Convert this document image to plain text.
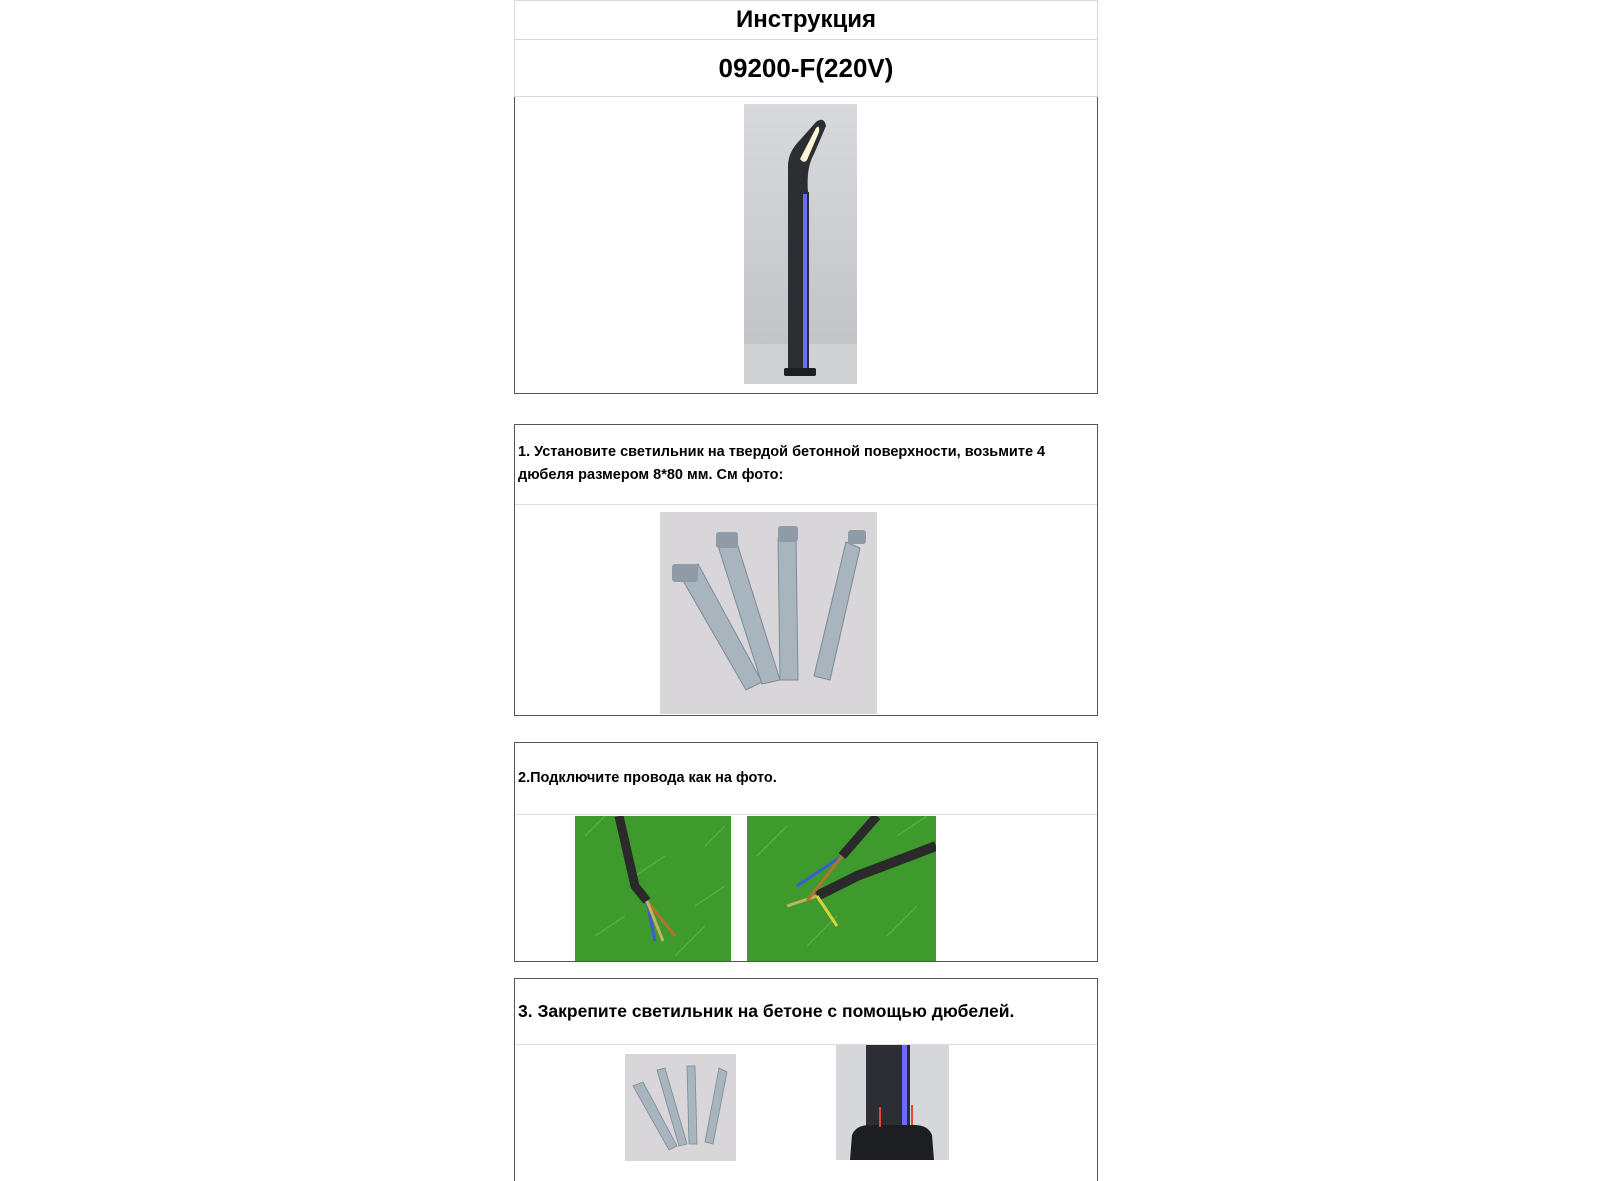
Инструкция
09200-F(220V)
1. Установите светильник на твердой бетонной поверхности, возьмите 4 дюбеля размером 8*80 мм. См фото:
2.Подключите провода как на фото.
3. Закрепите светильник на бетоне с помощью дюбелей.
